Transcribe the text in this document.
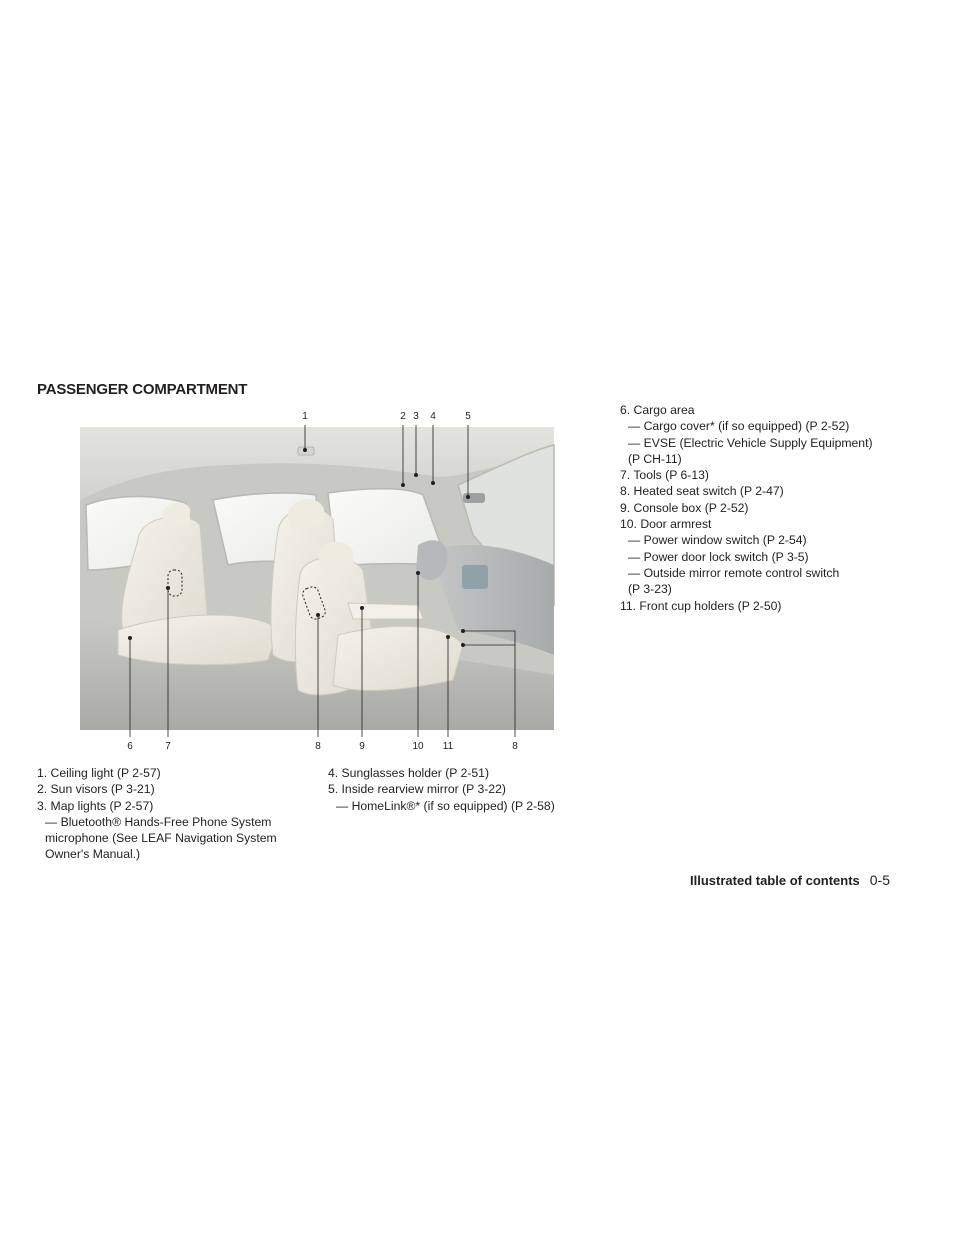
PASSENGER COMPARTMENT
1	2 3 4	5
6	7	8	9	10 11	8
1. Ceiling light (P 2-57)
2. Sun visors (P 3-21)
3. Map lights (P 2-57)
— Bluetooth® Hands-Free Phone System microphone (See LEAF Navigation System Owner's Manual.)
4. Sunglasses holder (P 2-51)
5. Inside rearview mirror (P 3-22)
— HomeLink®* (if so equipped) (P 2-58)
6. Cargo area
— Cargo cover* (if so equipped) (P 2-52)
— EVSE (Electric Vehicle Supply Equipment)
(P CH-11)
7. Tools (P 6-13)
8. Heated seat switch (P 2-47)
9. Console box (P 2-52)
10. Door armrest
— Power window switch (P 2-54)
— Power door lock switch (P 3-5)
— Outside mirror remote control switch
(P 3-23)
11. Front cup holders (P 2-50)
Illustrated table of contents 0-5
